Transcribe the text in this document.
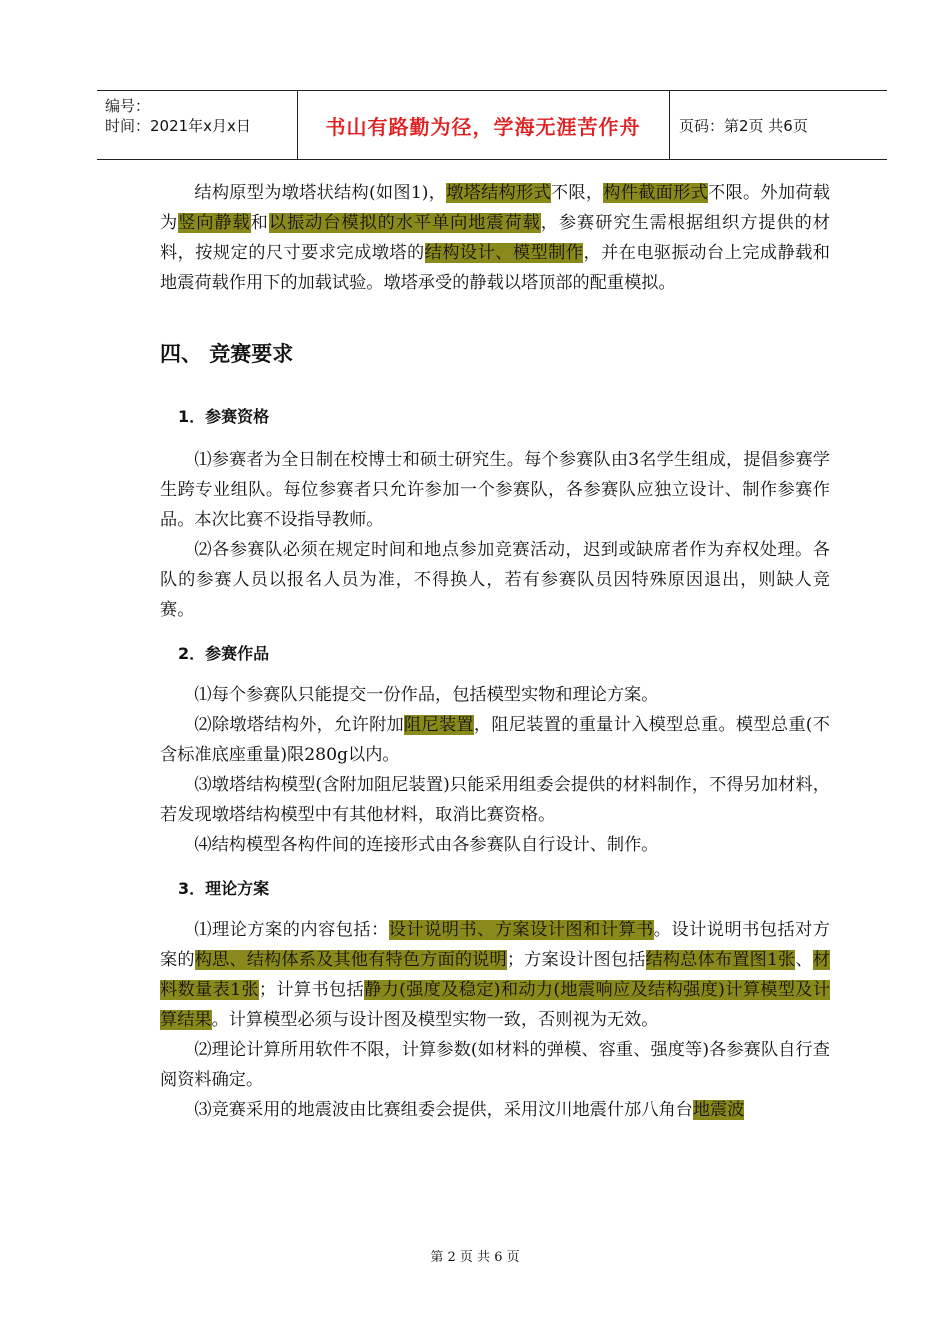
编号：
时间：2021年x月x日	书山有路勤为径，学海无涯苦作舟	页码：第2页 共6页

结构原型为墩塔状结构(如图1)，墩塔结构形式不限，构件截面形式不限。外加荷载为竖向静载和以振动台模拟的水平单向地震荷载，参赛研究生需根据组织方提供的材料，按规定的尺寸要求完成墩塔的结构设计、模型制作，并在电驱振动台上完成静载和地震荷载作用下的加载试验。墩塔承受的静载以塔顶部的配重模拟。

四、 竞赛要求
1．参赛资格

⑴参赛者为全日制在校博士和硕士研究生。每个参赛队由3名学生组成，提倡参赛学生跨专业组队。每位参赛者只允许参加一个参赛队，各参赛队应独立设计、制作参赛作品。本次比赛不设指导教师。

⑵各参赛队必须在规定时间和地点参加竞赛活动，迟到或缺席者作为弃权处理。各队的参赛人员以报名人员为准，不得换人，若有参赛队员因特殊原因退出，则缺人竞赛。

2．参赛作品

⑴每个参赛队只能提交一份作品，包括模型实物和理论方案。

⑵除墩塔结构外，允许附加阻尼装置，阻尼装置的重量计入模型总重。模型总重(不含标准底座重量)限280g以内。

⑶墩塔结构模型(含附加阻尼装置)只能采用组委会提供的材料制作，不得另加材料，若发现墩塔结构模型中有其他材料，取消比赛资格。

⑷结构模型各构件间的连接形式由各参赛队自行设计、制作。

3．理论方案

⑴理论方案的内容包括：设计说明书、方案设计图和计算书。设计说明书包括对方案的构思、结构体系及其他有特色方面的说明；方案设计图包括结构总体布置图1张、材料数量表1张；计算书包括静力(强度及稳定)和动力(地震响应及结构强度)计算模型及计算结果。计算模型必须与设计图及模型实物一致，否则视为无效。

⑵理论计算所用软件不限，计算参数(如材料的弹模、容重、强度等)各参赛队自行查阅资料确定。

⑶竞赛采用的地震波由比赛组委会提供，采用汶川地震什邡八角台地震波

第 2 页 共 6 页
